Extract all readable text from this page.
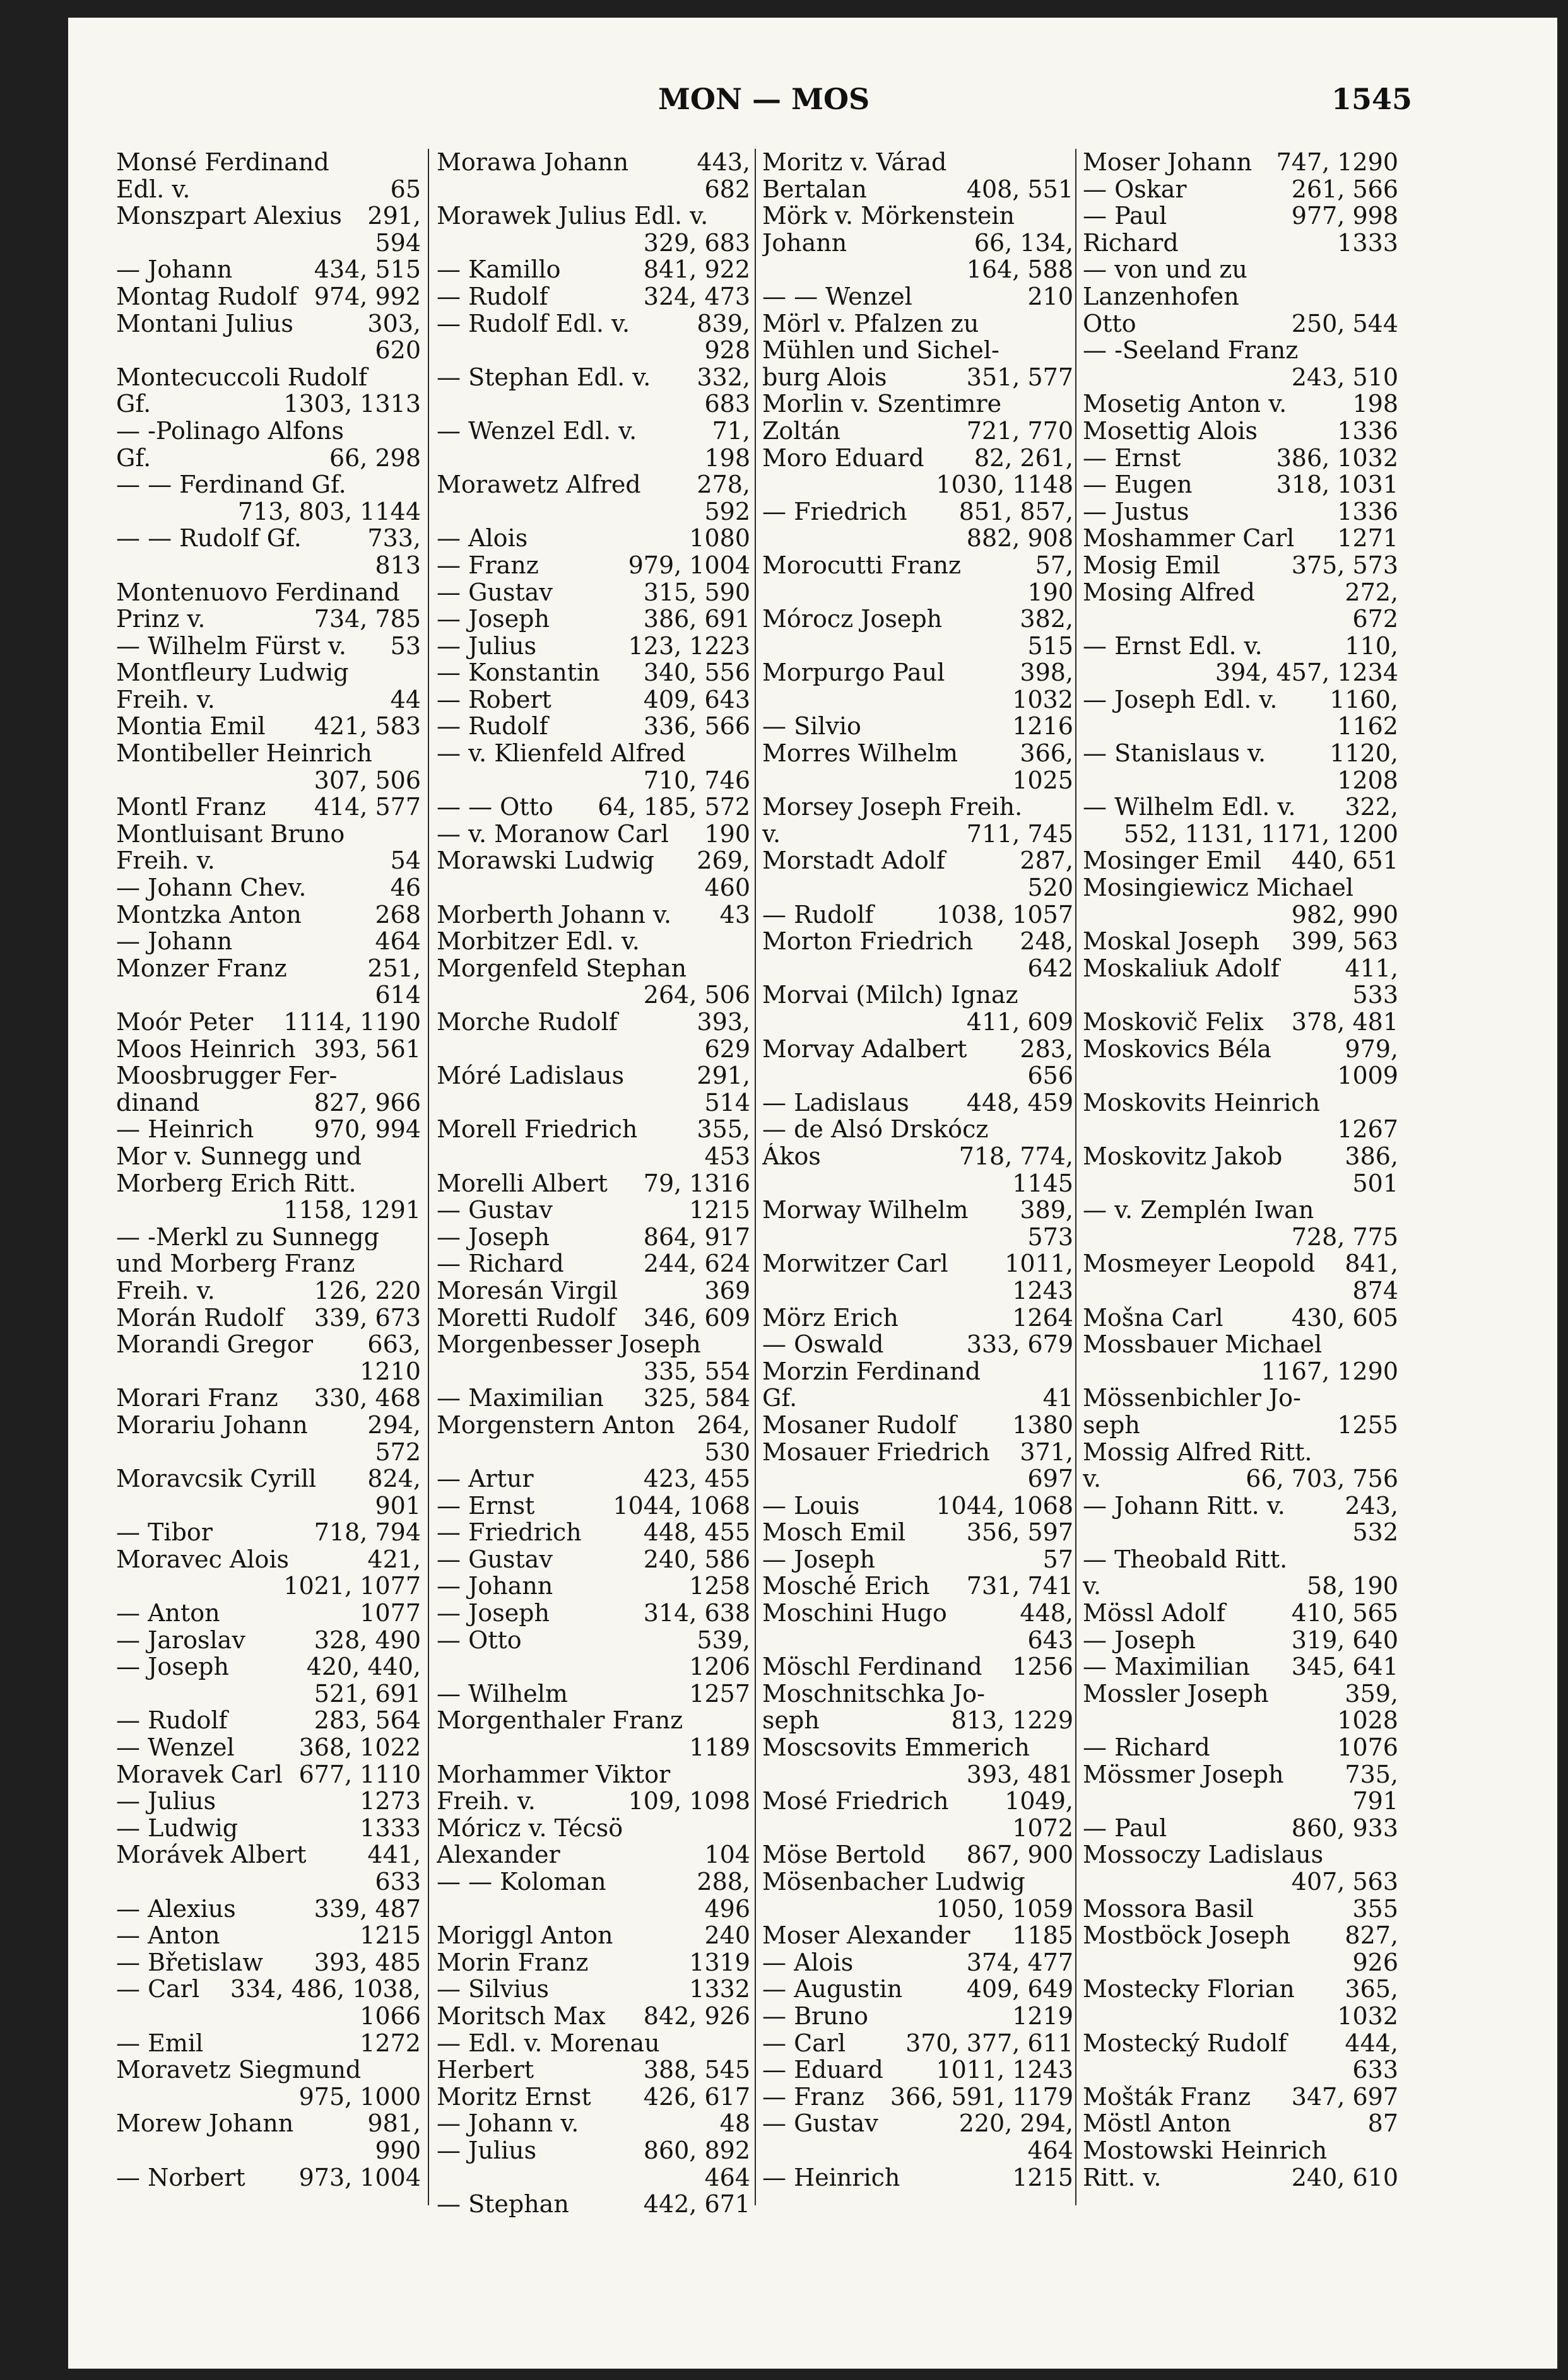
MON — MOS	1545
Monsé Ferdinand
Edl. v.	65
Monszpart Alexius 291,
594
— Johann	434, 515
Montag Rudolf 974, 992
Montani Julius	303,
620
Montecuccoli Rudolf
Gf.	1303, 1313
— -Polinago Alfons
Gf.	66, 298
— — Ferdinand Gf.
713, 803, 1144
— — Rudolf Gf.	733,
813
Montenuovo Ferdinand
Prinz v.	734, 785
— Wilhelm Fürst v. 53
Montfleury Ludwig
Freih. v.	44
Montia Emil 421, 583
Montibeller Heinrich
307, 506
Montl Franz 414, 577
Montluisant Bruno
Freih. v.	54
— Johann Chev.	46
Montzka Anton	268
— Johann	464
Monzer Franz	251,
614
Moór Peter 1114, 1190
Moos Heinrich 393, 561
Moosbrugger Fer-
dinand	827, 966
— Heinrich	970, 994
Mor v. Sunnegg und
Morberg Erich Ritt.
1158, 1291
— -Merkl zu Sunnegg
und Morberg Franz
Freih. v.	126, 220
Morán Rudolf 339, 673
Morandi Gregor 663,
1210
Morari Franz 330, 468
Morariu Johann 294,
572
Moravcsik Cyrill 824,
901
— Tibor	718, 794
Moravec Alois	421,
1021, 1077
— Anton	1077
— Jaroslav	328, 490
— Joseph	420, 440,
521, 691
— Rudolf	283, 564
— Wenzel	368, 1022
Moravek Carl 677, 1110
— Julius	1273
— Ludwig	1333
Morávek Albert	441,
633
— Alexius	339, 487
— Anton	1215
— Břetislaw 393, 485
— Carl 334, 486, 1038,
1066
— Emil	1272
Moravetz Siegmund
975, 1000
Morew Johann	981,
990
— Norbert 973, 1004
Morawa Johann	443,
682
Morawek Julius Edl. v.
329, 683
— Kamillo	841, 922
— Rudolf	324, 473
— Rudolf Edl. v.	839,
928
— Stephan Edl. v. 332,
683
— Wenzel Edl. v.	71,
198
Morawetz Alfred 278,
592
— Alois	1080
— Franz	979, 1004
— Gustav	315, 590
— Joseph	386, 691
— Julius	123, 1223
— Konstantin 340, 556
— Robert	409, 643
— Rudolf	336, 566
— v. Klienfeld Alfred
710, 746
— — Otto 64, 185, 572
— v. Moranow Carl 190
Morawski Ludwig 269,
460
Morberth Johann v. 43
Morbitzer Edl. v.
Morgenfeld Stephan
264, 506
Morche Rudolf	393,
629
Móré Ladislaus	291,
514
Morell Friedrich 355,
453
Morelli Albert 79, 1316
— Gustav	1215
— Joseph	864, 917
— Richard	244, 624
Moresán Virgil	369
Moretti Rudolf 346, 609
Morgenbesser Joseph
335, 554
— Maximilian 325, 584
Morgenstern Anton 264,
530
— Artur	423, 455
— Ernst	1044, 1068
— Friedrich	448, 455
— Gustav	240, 586
— Johann	1258
— Joseph	314, 638
— Otto	539,
1206
— Wilhelm	1257
Morgenthaler Franz
1189
Morhammer Viktor
Freih. v.	109, 1098
Móricz v. Técsö
Alexander	104
— — Koloman	288,
496
Moriggl Anton	240
Morin Franz	1319
— Silvius	1332
Moritsch Max 842, 926
— Edl. v. Morenau
Herbert	388, 545
Moritz Ernst 426, 617
— Johann v.	48
— Julius	860, 892
464
— Stephan	442, 671
Moritz v. Várad
Bertalan	408, 551
Mörk v. Mörkenstein
Johann	66, 134,
164, 588
— — Wenzel	210
Mörl v. Pfalzen zu
Mühlen und Sichel-
burg Alois	351, 577
Morlin v. Szentimre
Zoltán	721, 770
Moro Eduard 82, 261,
1030, 1148
— Friedrich 851, 857,
882, 908
Morocutti Franz	57,
190
Mórocz Joseph	382,
515
Morpurgo Paul	398,
1032
— Silvio	1216
Morres Wilhelm	366,
1025
Morsey Joseph Freih.
v.	711, 745
Morstadt Adolf	287,
520
— Rudolf	1038, 1057
Morton Friedrich 248,
642
Morvai (Milch) Ignaz
411, 609
Morvay Adalbert 283,
656
— Ladislaus 448, 459
— de Alsó Drskócz
Ákos	718, 774,
1145
Morway Wilhelm 389,
573
Morwitzer Carl 1011,
1243
Mörz Erich	1264
— Oswald	333, 679
Morzin Ferdinand
Gf.	41
Mosaner Rudolf 1380
Mosauer Friedrich 371,
697
— Louis	1044, 1068
Mosch Emil	356, 597
— Joseph	57
Mosché Erich 731, 741
Moschini Hugo	448,
643
Möschl Ferdinand 1256
Moschnitschka Jo-
seph	813, 1229
Moscsovits Emmerich
393, 481
Mosé Friedrich 1049,
1072
Möse Bertold 867, 900
Mösenbacher Ludwig
1050, 1059
Moser Alexander 1185
— Alois	374, 477
— Augustin	409, 649
— Bruno	1219
— Carl 370, 377, 611
— Eduard 1011, 1243
— Franz 366, 591, 1179
— Gustav	220, 294,
464
— Heinrich	1215
Moser Johann 747, 1290
— Oskar	261, 566
— Paul	977, 998
Richard	1333
— von und zu
Lanzenhofen
Otto	250, 544
— -Seeland Franz
243, 510
Mosetig Anton v.	198
Mosettig Alois	1336
— Ernst	386, 1032
— Eugen	318, 1031
— Justus	1336
Moshammer Carl 1271
Mosig Emil	375, 573
Mosing Alfred	272,
672
— Ernst Edl. v.	110,
394, 457, 1234
— Joseph Edl. v. 1160,
1162
— Stanislaus v.	1120,
1208
— Wilhelm Edl. v. 322,
552, 1131, 1171, 1200
Mosinger Emil 440, 651
Mosingiewicz Michael
982, 990
Moskal Joseph 399, 563
Moskaliuk Adolf	411,
533
Moskovič Felix 378, 481
Moskovics Béla	979,
1009
Moskovits Heinrich
1267
Moskovitz Jakob	386,
501
— v. Zemplén Iwan
728, 775
Mosmeyer Leopold 841,
874
Mošna Carl	430, 605
Mossbauer Michael
1167, 1290
Mössenbichler Jo-
seph	1255
Mossig Alfred Ritt.
v.	66, 703, 756
— Johann Ritt. v. 243,
532
— Theobald Ritt.
v.	58, 190
Mössl Adolf	410, 565
— Joseph	319, 640
— Maximilian 345, 641
Mossler Joseph	359,
1028
— Richard	1076
Mössmer Joseph	735,
791
— Paul	860, 933
Mossoczy Ladislaus
407, 563
Mossora Basil	355
Mostböck Joseph 827,
926
Mostecky Florian 365,
1032
Mostecký Rudolf 444,
633
Mošták Franz 347, 697
Möstl Anton	87
Mostowski Heinrich
Ritt. v.	240, 610
